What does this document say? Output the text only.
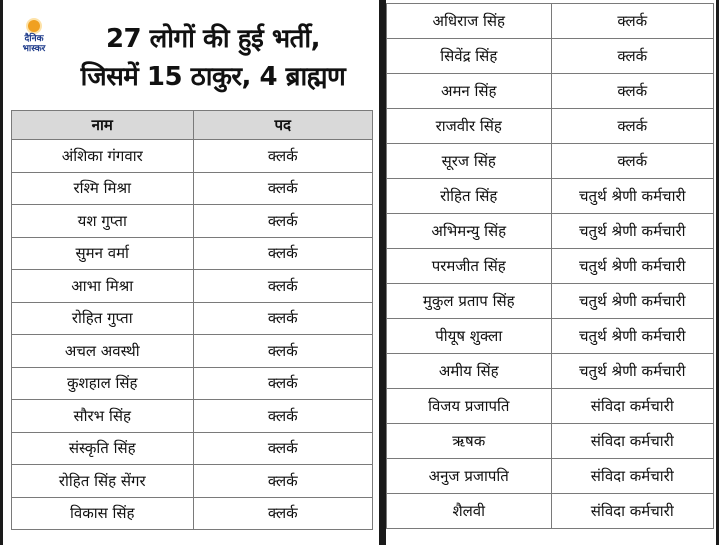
दैनिक भास्कर	27 लोगों की हुई भर्ती,
जिसमें 15 ठाकुर, 4 ब्राह्मण
नाम	पद
अंशिका गंगवार	क्लर्क
रश्मि मिश्रा	क्लर्क
यश गुप्ता	क्लर्क
सुमन वर्मा	क्लर्क
आभा मिश्रा	क्लर्क
रोहित गुप्ता	क्लर्क
अचल अवस्थी	क्लर्क
कुशहाल सिंह	क्लर्क
सौरभ सिंह	क्लर्क
संस्कृति सिंह	क्लर्क
रोहित सिंह सेंगर	क्लर्क
विकास सिंह	क्लर्क
अधिराज सिंह	क्लर्क
सिवेंद्र सिंह	क्लर्क
अमन सिंह	क्लर्क
राजवीर सिंह	क्लर्क
सूरज सिंह	क्लर्क
रोहित सिंह	चतुर्थ श्रेणी कर्मचारी
अभिमन्यु सिंह	चतुर्थ श्रेणी कर्मचारी
परमजीत सिंह	चतुर्थ श्रेणी कर्मचारी
मुकुल प्रताप सिंह	चतुर्थ श्रेणी कर्मचारी
पीयूष शुक्ला	चतुर्थ श्रेणी कर्मचारी
अमीय सिंह	चतुर्थ श्रेणी कर्मचारी
विजय प्रजापति	संविदा कर्मचारी
ऋषक	संविदा कर्मचारी
अनुज प्रजापति	संविदा कर्मचारी
शैलवी	संविदा कर्मचारी
